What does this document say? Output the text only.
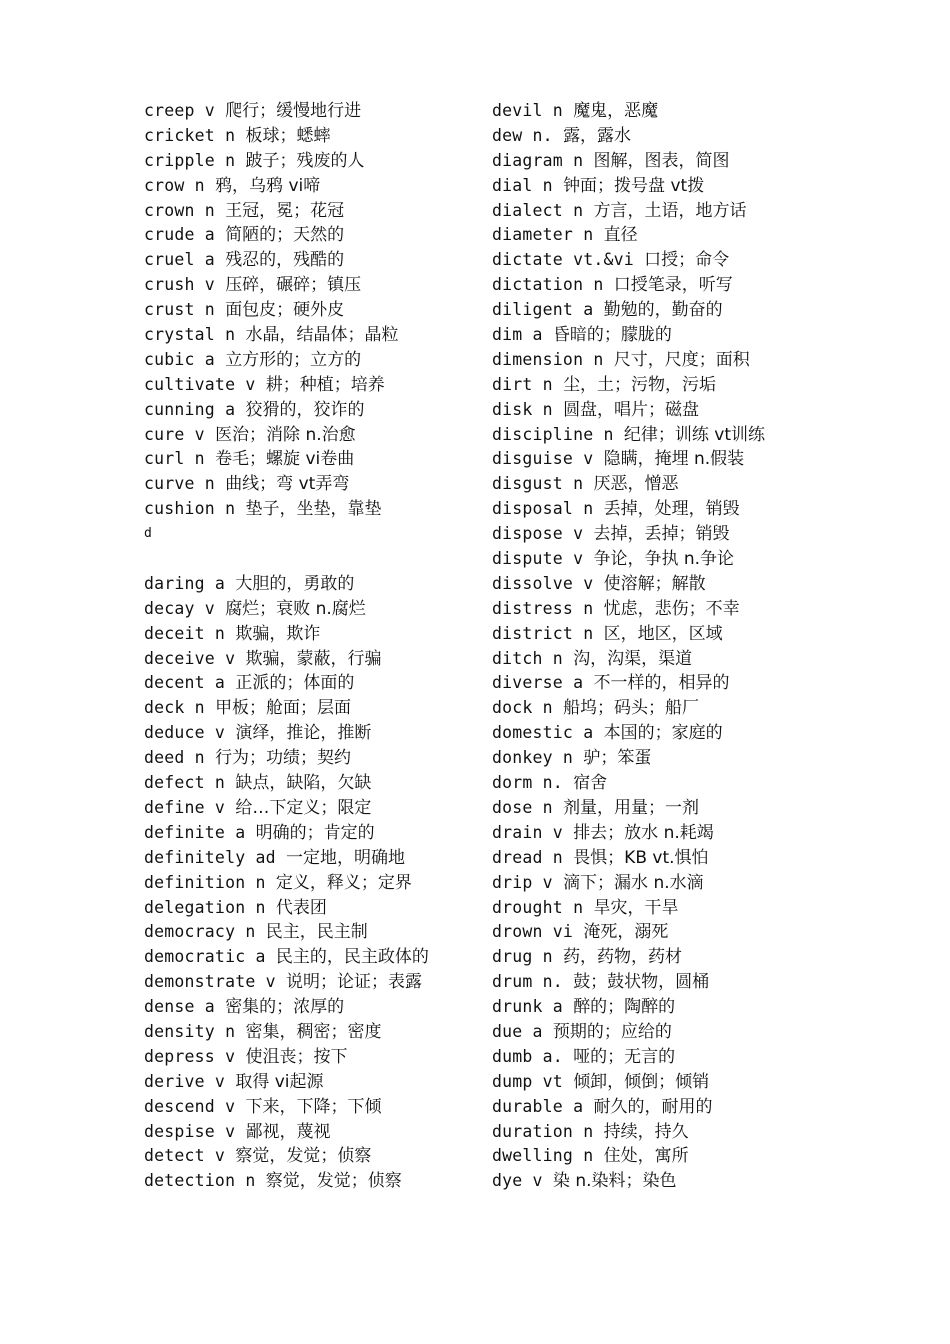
creep v 爬行；缓慢地行进
cricket n 板球；蟋蟀
cripple n 跛子；残废的人
crow n 鸦，乌鸦 vi啼
crown n 王冠，冕；花冠
crude a 简陋的；天然的
cruel a 残忍的，残酷的
crush v 压碎，碾碎；镇压
crust n 面包皮；硬外皮
crystal n 水晶，结晶体；晶粒
cubic a 立方形的；立方的
cultivate v 耕；种植；培养
cunning a 狡猾的，狡诈的
cure v 医治；消除 n.治愈
curl n 卷毛；螺旋 vi卷曲
curve n 曲线；弯 vt弄弯
cushion n 垫子，坐垫，靠垫
d
daring a 大胆的，勇敢的
decay v 腐烂；衰败 n.腐烂
deceit n 欺骗，欺诈
deceive v 欺骗，蒙蔽，行骗
decent a 正派的；体面的
deck n 甲板；舱面；层面
deduce v 演绎，推论，推断
deed n 行为；功绩；契约
defect n 缺点，缺陷，欠缺
define v 给…下定义；限定
definite a 明确的；肯定的
definitely ad 一定地，明确地
definition n 定义，释义；定界
delegation n 代表团
democracy n 民主，民主制
democratic a 民主的，民主政体的
demonstrate v 说明；论证；表露
dense a 密集的；浓厚的
density n 密集，稠密；密度
depress v 使沮丧；按下
derive v 取得 vi起源
descend v 下来，下降；下倾
despise v 鄙视，蔑视
detect v 察觉，发觉；侦察
detection n 察觉，发觉；侦察
devil n 魔鬼，恶魔
dew n. 露，露水
diagram n 图解，图表，简图
dial n 钟面；拨号盘 vt拨
dialect n 方言，土语，地方话
diameter n 直径
dictate vt.&vi 口授；命令
dictation n 口授笔录，听写
diligent a 勤勉的，勤奋的
dim a 昏暗的；朦胧的
dimension n 尺寸，尺度；面积
dirt n 尘，土；污物，污垢
disk n 圆盘，唱片；磁盘
discipline n 纪律；训练 vt训练
disguise v 隐瞒，掩埋 n.假装
disgust n 厌恶，憎恶
disposal n 丢掉，处理，销毁
dispose v 去掉，丢掉；销毁
dispute v 争论，争执 n.争论
dissolve v 使溶解；解散
distress n 忧虑，悲伤；不幸
district n 区，地区，区域
ditch n 沟，沟渠，渠道
diverse a 不一样的，相异的
dock n 船坞；码头；船厂
domestic a 本国的；家庭的
donkey n 驴；笨蛋
dorm n. 宿舍
dose n 剂量，用量；一剂
drain v 排去；放水 n.耗竭
dread n 畏惧；KB vt.惧怕
drip v 滴下；漏水 n.水滴
drought n 旱灾，干旱
drown vi 淹死，溺死
drug n 药，药物，药材
drum n. 鼓；鼓状物，圆桶
drunk a 醉的；陶醉的
due a 预期的；应给的
dumb a. 哑的；无言的
dump vt 倾卸，倾倒；倾销
durable a 耐久的，耐用的
duration n 持续，持久
dwelling n 住处，寓所
dye v 染 n.染料；染色
